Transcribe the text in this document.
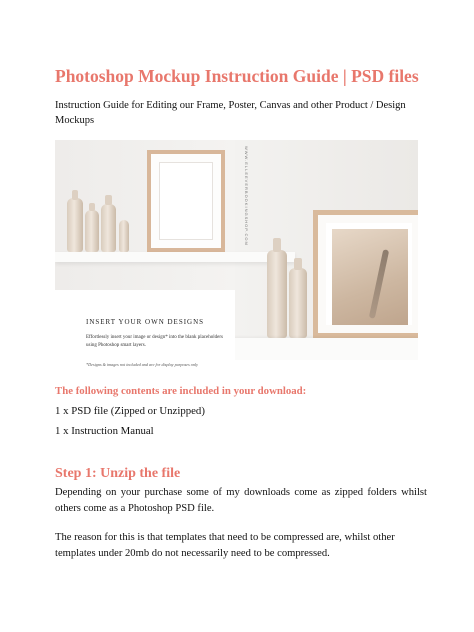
Photoshop Mockup Instruction Guide | PSD files
Instruction Guide for Editing our Frame, Poster, Canvas and other Product / Design Mockups
WWW.ELLEEVERBOOKINGSHOP.COM
INSERT YOUR OWN DESIGNS
Effortlessly insert your image or design* into the blank placeholders using Photoshop smart layers.
*Designs & images not included and are for display purposes only
The following contents are included in your download:
1 x PSD file (Zipped or Unzipped)
1 x Instruction Manual
Step 1: Unzip the file
Depending on your purchase some of my downloads come as zipped folders whilst others come as a Photoshop PSD file.
The reason for this is that templates that need to be compressed are, whilst other templates under 20mb do not necessarily need to be compressed.
